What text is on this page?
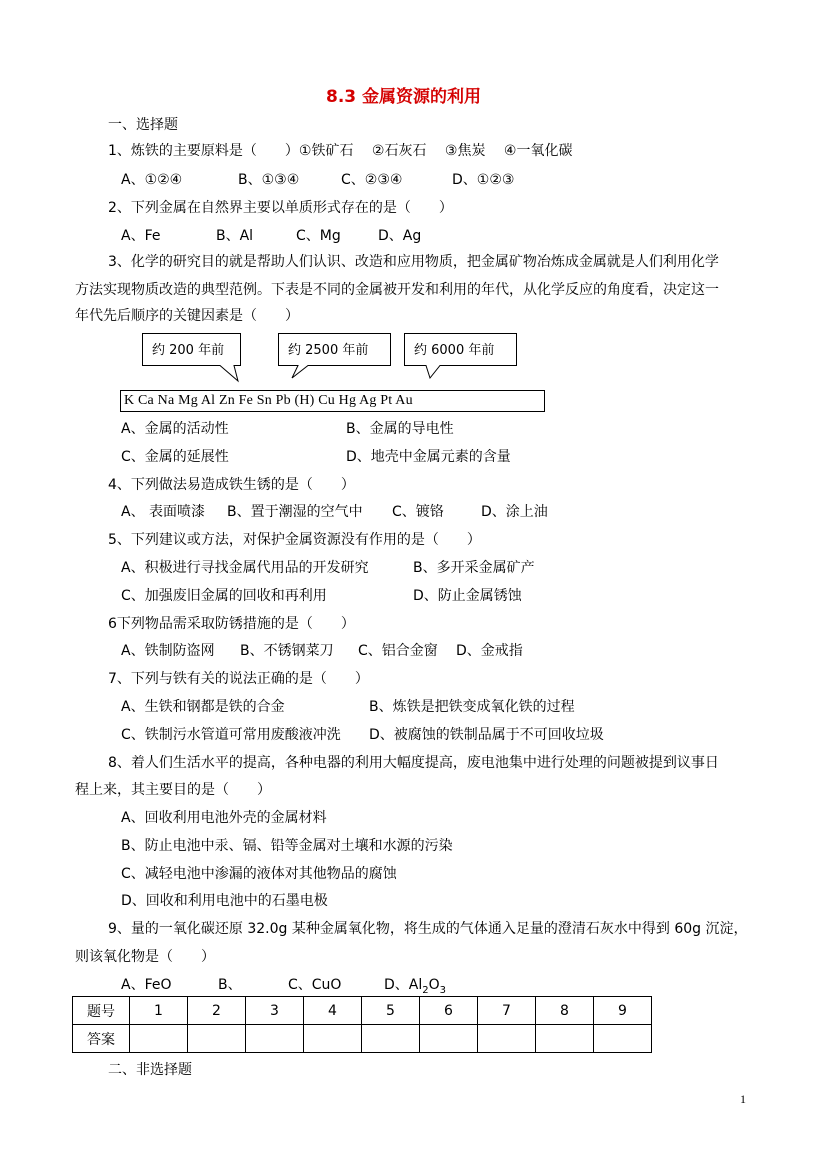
8.3 金属资源的利用
一、选择题
1、炼铁的主要原料是（　　）①铁矿石　 ②石灰石　 ③焦炭　 ④一氧化碳
A、①②④	B、①③④	C、②③④	D、①②③
2、下列金属在自然界主要以单质形式存在的是（　　）
A、Fe	B、Al	C、Mg	D、Ag
3、化学的研究目的就是帮助人们认识、改造和应用物质，把金属矿物冶炼成金属就是人们利用化学
方法实现物质改造的典型范例。下表是不同的金属被开发和利用的年代，从化学反应的角度看，决定这一
年代先后顺序的关键因素是（　　）
约 200 年前	约 2500 年前	约 6000 年前
K Ca Na Mg Al Zn Fe Sn Pb (H) Cu Hg Ag Pt Au
A、金属的活动性	B、金属的导电性
C、金属的延展性	D、地壳中金属元素的含量
4、下列做法易造成铁生锈的是（　　）
A、 表面喷漆 B、置于潮湿的空气中 C、镀铬	D、涂上油
5、下列建议或方法，对保护金属资源没有作用的是（　　）
A、积极进行寻找金属代用品的开发研究	B、多开采金属矿产
C、加强废旧金属的回收和再利用	D、防止金属锈蚀
6下列物品需采取防锈措施的是（　　）
A、铁制防盗网 B、不锈钢菜刀 C、铝合金窗 D、金戒指
7、下列与铁有关的说法正确的是（　　）
A、生铁和钢都是铁的合金	B、炼铁是把铁变成氧化铁的过程
C、铁制污水管道可常用废酸液冲洗 D、被腐蚀的铁制品属于不可回收垃圾
8、着人们生活水平的提高，各种电器的利用大幅度提高，废电池集中进行处理的问题被提到议事日
程上来，其主要目的是（　　）
A、回收利用电池外壳的金属材料
B、防止电池中汞、镉、铅等金属对土壤和水源的污染
C、减轻电池中渗漏的液体对其他物品的腐蚀
D、回收和利用电池中的石墨电极
9、量的一氧化碳还原 32.0g 某种金属氧化物，将生成的气体通入足量的澄清石灰水中得到 60g 沉淀，
则该氧化物是（　　）
A、FeO	B、	C、CuO	D、$Al_2O_3$
题号	1	2	3	4	5	6	7	8	9
答案									
二、非选择题
1
